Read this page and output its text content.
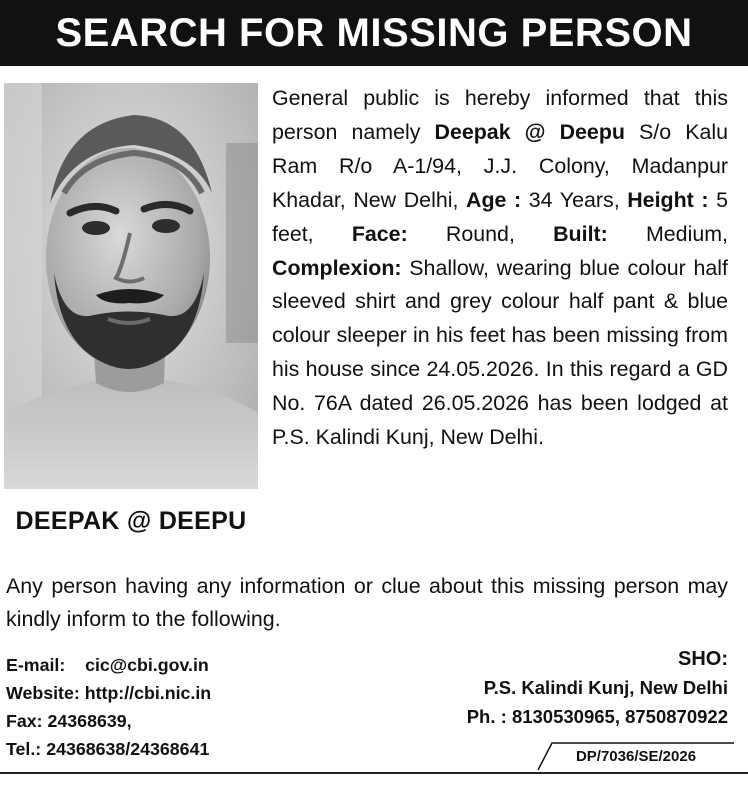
SEARCH FOR MISSING PERSON
DEEPAK @ DEEPU

General public is hereby informed that this person namely Deepak @ Deepu S/o Kalu Ram R/o A-1/94, J.J. Colony, Madanpur Khadar, New Delhi, Age : 34 Years, Height : 5 feet, Face: Round, Built: Medium, Complexion: Shallow, wearing blue colour half sleeved shirt and grey colour half pant & blue colour sleeper in his feet has been missing from his house since 24.05.2026. In this regard a GD No. 76A dated 26.05.2026 has been lodged at P.S. Kalindi Kunj, New Delhi.

Any person having any information or clue about this missing person may kindly inform to the following.

E-mail: cic@cbi.gov.in
Website: http://cbi.nic.in
Fax: 24368639,
Tel.: 24368638/24368641
SHO:
P.S. Kalindi Kunj, New Delhi
Ph. : 8130530965, 8750870922
DP/7036/SE/2026
